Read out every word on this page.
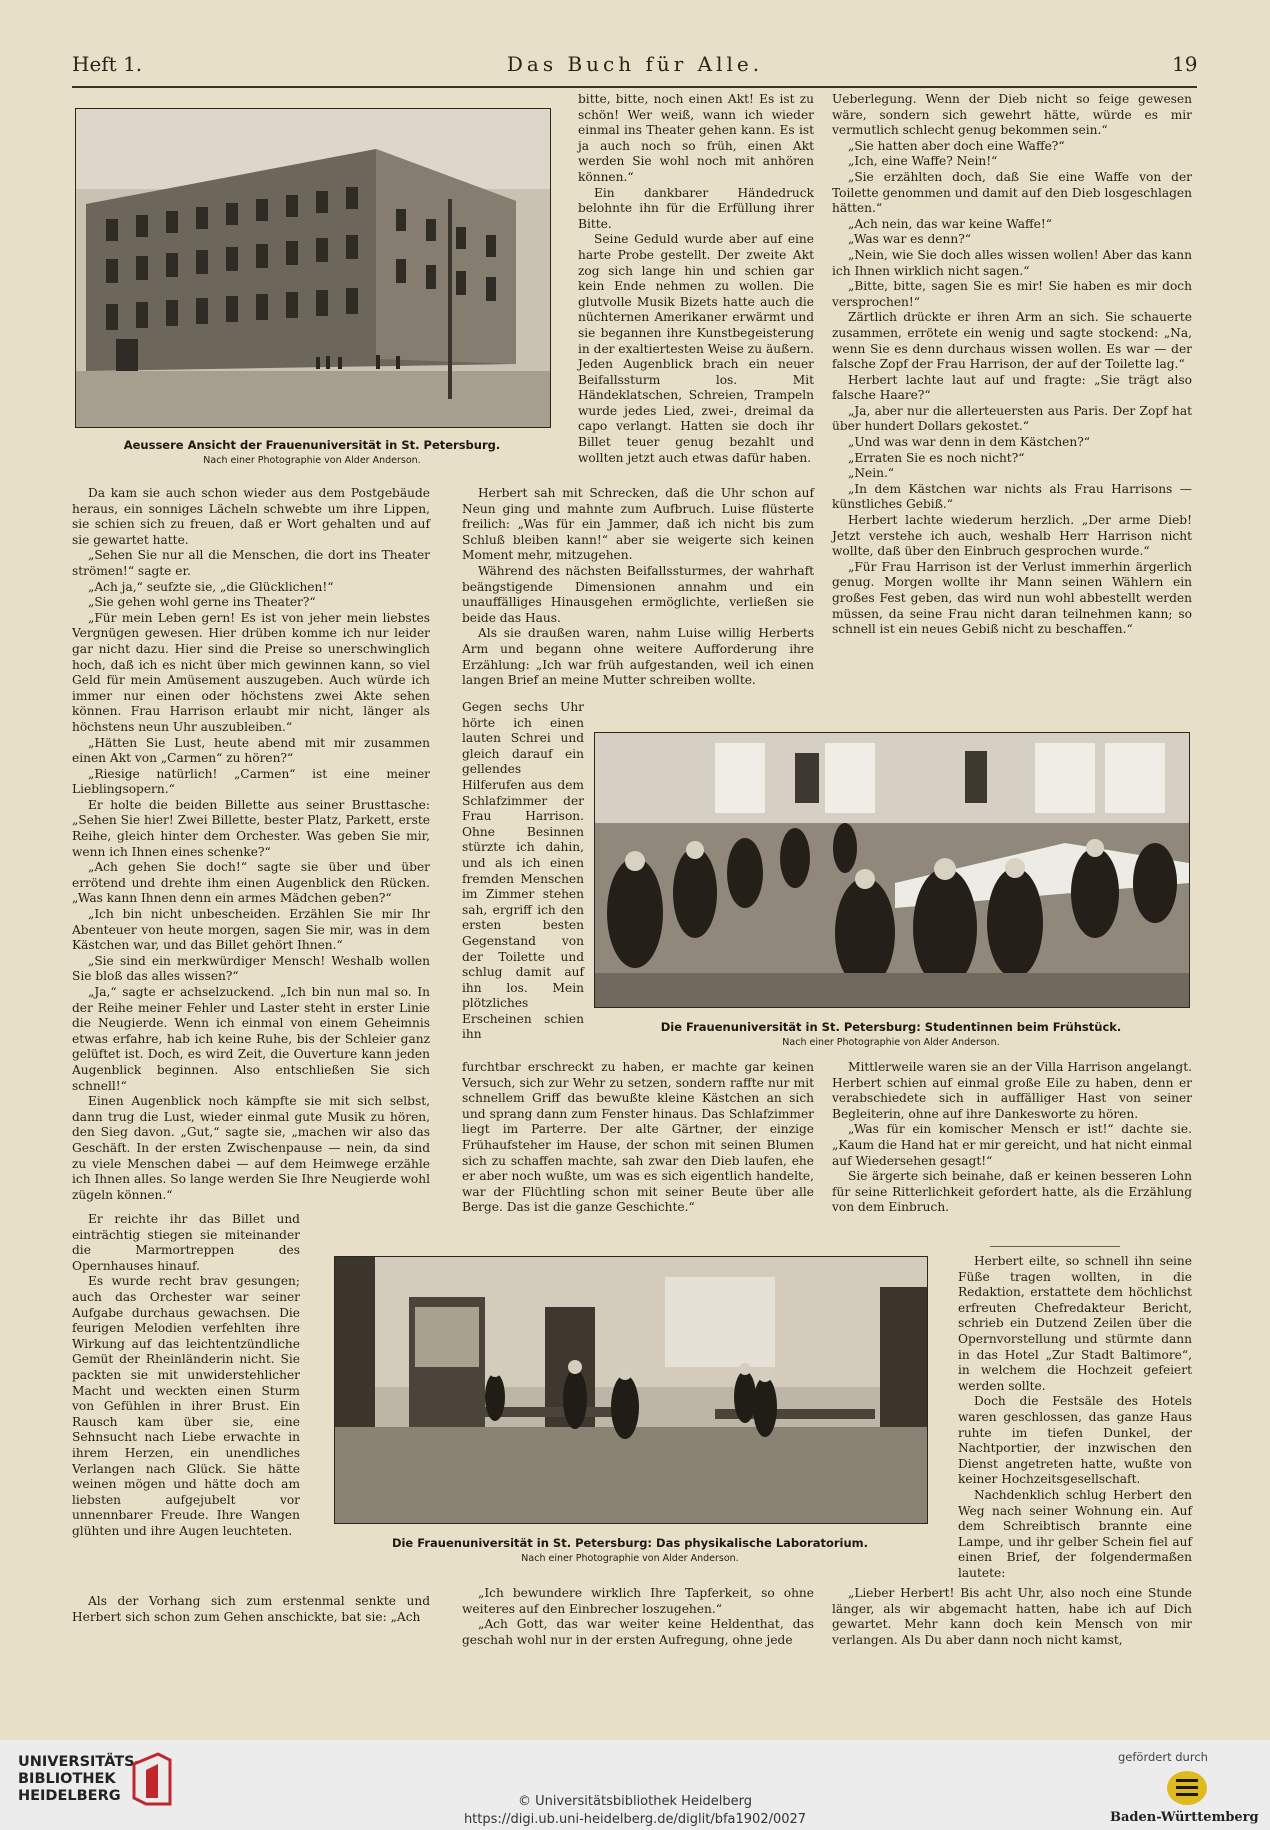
Heft 1.	Das Buch für Alle.	19
Aeussere Ansicht der Frauenuniversität in St. Petersburg.
Nach einer Photographie von Alder Anderson.

Da kam sie auch schon wieder aus dem Postgebäude heraus, ein sonniges Lächeln schwebte um ihre Lippen, sie schien sich zu freuen, daß er Wort gehalten und auf sie gewartet hatte.

„Sehen Sie nur all die Menschen, die dort ins Theater strömen!“ sagte er.

„Ach ja,“ seufzte sie, „die Glücklichen!“

„Sie gehen wohl gerne ins Theater?“

„Für mein Leben gern! Es ist von jeher mein liebstes Vergnügen gewesen. Hier drüben komme ich nur leider gar nicht dazu. Hier sind die Preise so unerschwinglich hoch, daß ich es nicht über mich gewinnen kann, so viel Geld für mein Amüsement auszugeben. Auch würde ich immer nur einen oder höchstens zwei Akte sehen können. Frau Harrison erlaubt mir nicht, länger als höchstens neun Uhr auszubleiben.“

„Hätten Sie Lust, heute abend mit mir zusammen einen Akt von „Carmen“ zu hören?“

„Riesige natürlich! „Carmen“ ist eine meiner Lieblingsopern.“

Er holte die beiden Billette aus seiner Brusttasche: „Sehen Sie hier! Zwei Billette, bester Platz, Parkett, erste Reihe, gleich hinter dem Orchester. Was geben Sie mir, wenn ich Ihnen eines schenke?“

„Ach gehen Sie doch!“ sagte sie über und über errötend und drehte ihm einen Augenblick den Rücken. „Was kann Ihnen denn ein armes Mädchen geben?“

„Ich bin nicht unbescheiden. Erzählen Sie mir Ihr Abenteuer von heute morgen, sagen Sie mir, was in dem Kästchen war, und das Billet gehört Ihnen.“

„Sie sind ein merkwürdiger Mensch! Weshalb wollen Sie bloß das alles wissen?“

„Ja,“ sagte er achselzuckend. „Ich bin nun mal so. In der Reihe meiner Fehler und Laster steht in erster Linie die Neugierde. Wenn ich einmal von einem Geheimnis etwas erfahre, hab ich keine Ruhe, bis der Schleier ganz gelüftet ist. Doch, es wird Zeit, die Ouverture kann jeden Augenblick beginnen. Also entschließen Sie sich schnell!“

Einen Augenblick noch kämpfte sie mit sich selbst, dann trug die Lust, wieder einmal gute Musik zu hören, den Sieg davon. „Gut,“ sagte sie, „machen wir also das Geschäft. In der ersten Zwischenpause — nein, da sind zu viele Menschen dabei — auf dem Heimwege erzähle ich Ihnen alles. So lange werden Sie Ihre Neugierde wohl zügeln können.“

Er reichte ihr das Billet und einträchtig stiegen sie miteinander die Marmortreppen des Opernhauses hinauf.

Es wurde recht brav gesungen; auch das Orchester war seiner Aufgabe durchaus gewachsen. Die feurigen Melodien verfehlten ihre Wirkung auf das leichtentzündliche Gemüt der Rheinländerin nicht. Sie packten sie mit unwiderstehlicher Macht und weckten einen Sturm von Gefühlen in ihrer Brust. Ein Rausch kam über sie, eine Sehnsucht nach Liebe erwachte in ihrem Herzen, ein unendliches Verlangen nach Glück. Sie hätte weinen mögen und hätte doch am liebsten aufgejubelt vor unnennbarer Freude. Ihre Wangen glühten und ihre Augen leuchteten.

Als der Vorhang sich zum erstenmal senkte und Herbert sich schon zum Gehen anschickte, bat sie: „Ach

bitte, bitte, noch einen Akt! Es ist zu schön! Wer weiß, wann ich wieder einmal ins Theater gehen kann. Es ist ja auch noch so früh, einen Akt werden Sie wohl noch mit anhören können.“

Ein dankbarer Händedruck belohnte ihn für die Erfüllung ihrer Bitte.

Seine Geduld wurde aber auf eine harte Probe gestellt. Der zweite Akt zog sich lange hin und schien gar kein Ende nehmen zu wollen. Die glutvolle Musik Bizets hatte auch die nüchternen Amerikaner erwärmt und sie begannen ihre Kunstbegeisterung in der exaltiertesten Weise zu äußern. Jeden Augenblick brach ein neuer Beifallssturm los. Mit Händeklatschen, Schreien, Trampeln wurde jedes Lied, zwei-, dreimal da capo verlangt. Hatten sie doch ihr Billet teuer genug bezahlt und wollten jetzt auch etwas dafür haben.

Herbert sah mit Schrecken, daß die Uhr schon auf Neun ging und mahnte zum Aufbruch. Luise flüsterte freilich: „Was für ein Jammer, daß ich nicht bis zum Schluß bleiben kann!“ aber sie weigerte sich keinen Moment mehr, mitzugehen.

Während des nächsten Beifallssturmes, der wahrhaft beängstigende Dimensionen annahm und ein unauffälliges Hinausgehen ermöglichte, verließen sie beide das Haus.

Als sie draußen waren, nahm Luise willig Herberts Arm und begann ohne weitere Aufforderung ihre Erzählung: „Ich war früh aufgestanden, weil ich einen langen Brief an meine Mutter schreiben wollte.

Gegen sechs Uhr hörte ich einen lauten Schrei und gleich darauf ein gellendes Hilferufen aus dem Schlafzimmer der Frau Harrison. Ohne Besinnen stürzte ich dahin, und als ich einen fremden Menschen im Zimmer stehen sah, ergriff ich den ersten besten Gegenstand von der Toilette und schlug damit auf ihn los. Mein plötzliches Erscheinen schien ihn

furchtbar erschreckt zu haben, er machte gar keinen Versuch, sich zur Wehr zu setzen, sondern raffte nur mit schnellem Griff das bewußte kleine Kästchen an sich und sprang dann zum Fenster hinaus. Das Schlafzimmer liegt im Parterre. Der alte Gärtner, der einzige Frühaufsteher im Hause, der schon mit seinen Blumen sich zu schaffen machte, sah zwar den Dieb laufen, ehe er aber noch wußte, um was es sich eigentlich handelte, war der Flüchtling schon mit seiner Beute über alle Berge. Das ist die ganze Geschichte.“

„Ich bewundere wirklich Ihre Tapferkeit, so ohne weiteres auf den Einbrecher loszugehen.“

„Ach Gott, das war weiter keine Heldenthat, das geschah wohl nur in der ersten Aufregung, ohne jede

Ueberlegung. Wenn der Dieb nicht so feige gewesen wäre, sondern sich gewehrt hätte, würde es mir vermutlich schlecht genug bekommen sein.“

„Sie hatten aber doch eine Waffe?“

„Ich, eine Waffe? Nein!“

„Sie erzählten doch, daß Sie eine Waffe von der Toilette genommen und damit auf den Dieb losgeschlagen hätten.“

„Ach nein, das war keine Waffe!“

„Was war es denn?“

„Nein, wie Sie doch alles wissen wollen! Aber das kann ich Ihnen wirklich nicht sagen.“

„Bitte, bitte, sagen Sie es mir! Sie haben es mir doch versprochen!“

Zärtlich drückte er ihren Arm an sich. Sie schauerte zusammen, errötete ein wenig und sagte stockend: „Na, wenn Sie es denn durchaus wissen wollen. Es war — der falsche Zopf der Frau Harrison, der auf der Toilette lag.“

Herbert lachte laut auf und fragte: „Sie trägt also falsche Haare?“

„Ja, aber nur die allerteuersten aus Paris. Der Zopf hat über hundert Dollars gekostet.“

„Und was war denn in dem Kästchen?“

„Erraten Sie es noch nicht?“

„Nein.“

„In dem Kästchen war nichts als Frau Harrisons — künstliches Gebiß.“

Herbert lachte wiederum herzlich. „Der arme Dieb! Jetzt verstehe ich auch, weshalb Herr Harrison nicht wollte, daß über den Einbruch gesprochen wurde.“

„Für Frau Harrison ist der Verlust immerhin ärgerlich genug. Morgen wollte ihr Mann seinen Wählern ein großes Fest geben, das wird nun wohl abbestellt werden müssen, da seine Frau nicht daran teilnehmen kann; so schnell ist ein neues Gebiß nicht zu beschaffen.“

Mittlerweile waren sie an der Villa Harrison angelangt. Herbert schien auf einmal große Eile zu haben, denn er verabschiedete sich in auffälliger Hast von seiner Begleiterin, ohne auf ihre Dankesworte zu hören.

„Was für ein komischer Mensch er ist!“ dachte sie. „Kaum die Hand hat er mir gereicht, und hat nicht einmal auf Wiedersehen gesagt!“

Sie ärgerte sich beinahe, daß er keinen besseren Lohn für seine Ritterlichkeit gefordert hatte, als die Erzählung von dem Einbruch.

Herbert eilte, so schnell ihn seine Füße tragen wollten, in die Redaktion, erstattete dem höchlichst erfreuten Chefredakteur Bericht, schrieb ein Dutzend Zeilen über die Opernvorstellung und stürmte dann in das Hotel „Zur Stadt Baltimore“, in welchem die Hochzeit gefeiert werden sollte.

Doch die Festsäle des Hotels waren geschlossen, das ganze Haus ruhte im tiefen Dunkel, der Nachtportier, der inzwischen den Dienst angetreten hatte, wußte von keiner Hochzeitsgesellschaft.

Nachdenklich schlug Herbert den Weg nach seiner Wohnung ein. Auf dem Schreibtisch brannte eine Lampe, und ihr gelber Schein fiel auf einen Brief, der folgendermaßen lautete:

„Lieber Herbert! Bis acht Uhr, also noch eine Stunde länger, als wir abgemacht hatten, habe ich auf Dich gewartet. Mehr kann doch kein Mensch von mir verlangen. Als Du aber dann noch nicht kamst,

Die Frauenuniversität in St. Petersburg: Studentinnen beim Frühstück.
Nach einer Photographie von Alder Anderson.
Die Frauenuniversität in St. Petersburg: Das physikalische Laboratorium.
Nach einer Photographie von Alder Anderson.
UNIVERSITÄTS-
BIBLIOTHEK
HEIDELBERG	© Universitätsbibliothek Heidelberg
https://digi.ub.uni-heidelberg.de/diglit/bfa1902/0027
gefördert durch
Baden-Württemberg
